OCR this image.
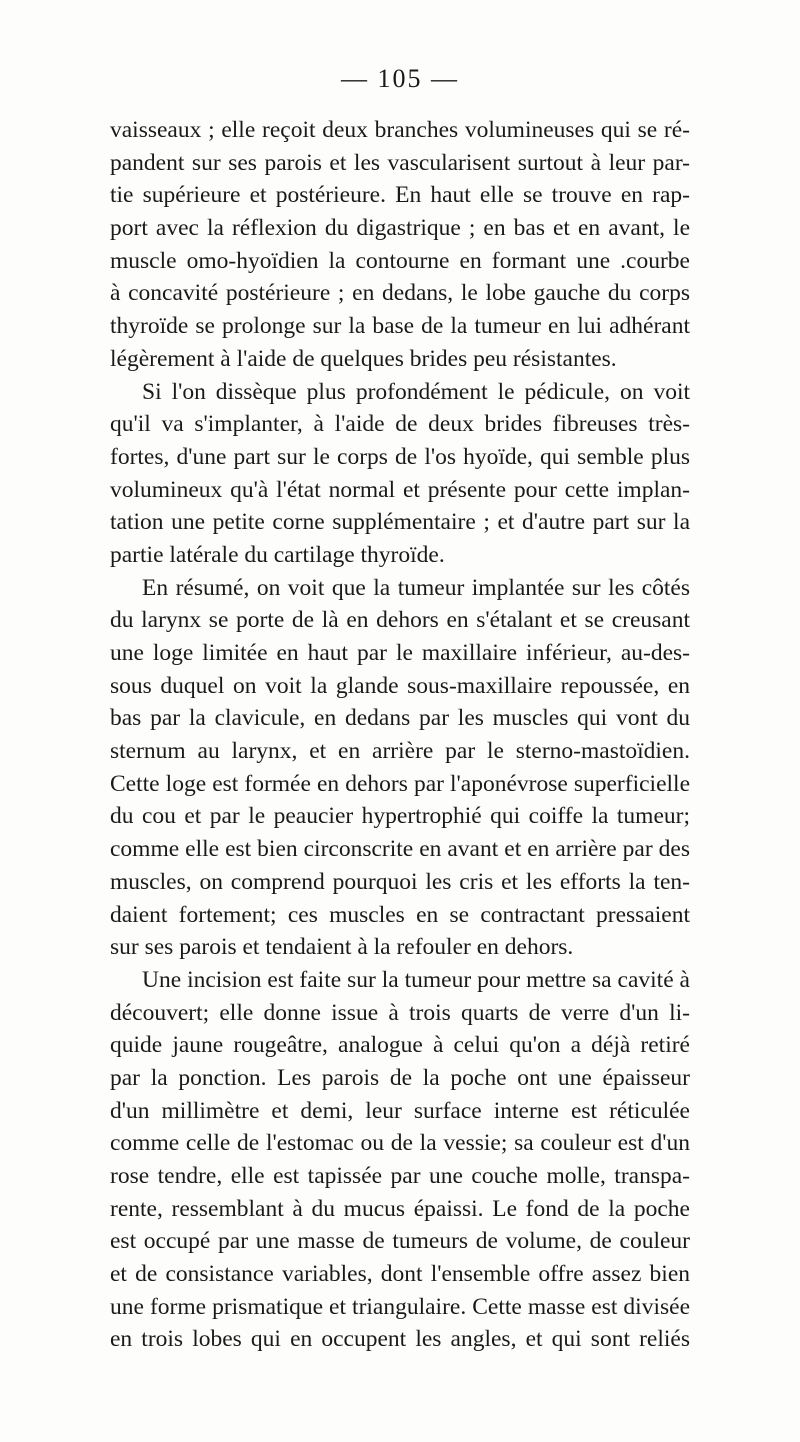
— 105 —
vaisseaux ; elle reçoit deux branches volumineuses qui se ré-
pandent sur ses parois et les vascularisent surtout à leur par-
tie supérieure et postérieure. En haut elle se trouve en rap-
port avec la réflexion du digastrique ; en bas et en avant, le
muscle omo-hyoïdien la contourne en formant une .courbe
à concavité postérieure ; en dedans, le lobe gauche du corps
thyroïde se prolonge sur la base de la tumeur en lui adhérant
légèrement à l'aide de quelques brides peu résistantes.
Si l'on dissèque plus profondément le pédicule, on voit
qu'il va s'implanter, à l'aide de deux brides fibreuses très-
fortes, d'une part sur le corps de l'os hyoïde, qui semble plus
volumineux qu'à l'état normal et présente pour cette implan-
tation une petite corne supplémentaire ; et d'autre part sur la
partie latérale du cartilage thyroïde.
En résumé, on voit que la tumeur implantée sur les côtés
du larynx se porte de là en dehors en s'étalant et se creusant
une loge limitée en haut par le maxillaire inférieur, au-des-
sous duquel on voit la glande sous-maxillaire repoussée, en
bas par la clavicule, en dedans par les muscles qui vont du
sternum au larynx, et en arrière par le sterno-mastoïdien.
Cette loge est formée en dehors par l'aponévrose superficielle
du cou et par le peaucier hypertrophié qui coiffe la tumeur;
comme elle est bien circonscrite en avant et en arrière par des
muscles, on comprend pourquoi les cris et les efforts la ten-
daient fortement; ces muscles en se contractant pressaient
sur ses parois et tendaient à la refouler en dehors.
Une incision est faite sur la tumeur pour mettre sa cavité à
découvert; elle donne issue à trois quarts de verre d'un li-
quide jaune rougeâtre, analogue à celui qu'on a déjà retiré
par la ponction. Les parois de la poche ont une épaisseur
d'un millimètre et demi, leur surface interne est réticulée
comme celle de l'estomac ou de la vessie; sa couleur est d'un
rose tendre, elle est tapissée par une couche molle, transpa-
rente, ressemblant à du mucus épaissi. Le fond de la poche
est occupé par une masse de tumeurs de volume, de couleur
et de consistance variables, dont l'ensemble offre assez bien
une forme prismatique et triangulaire. Cette masse est divisée
en trois lobes qui en occupent les angles, et qui sont reliés
